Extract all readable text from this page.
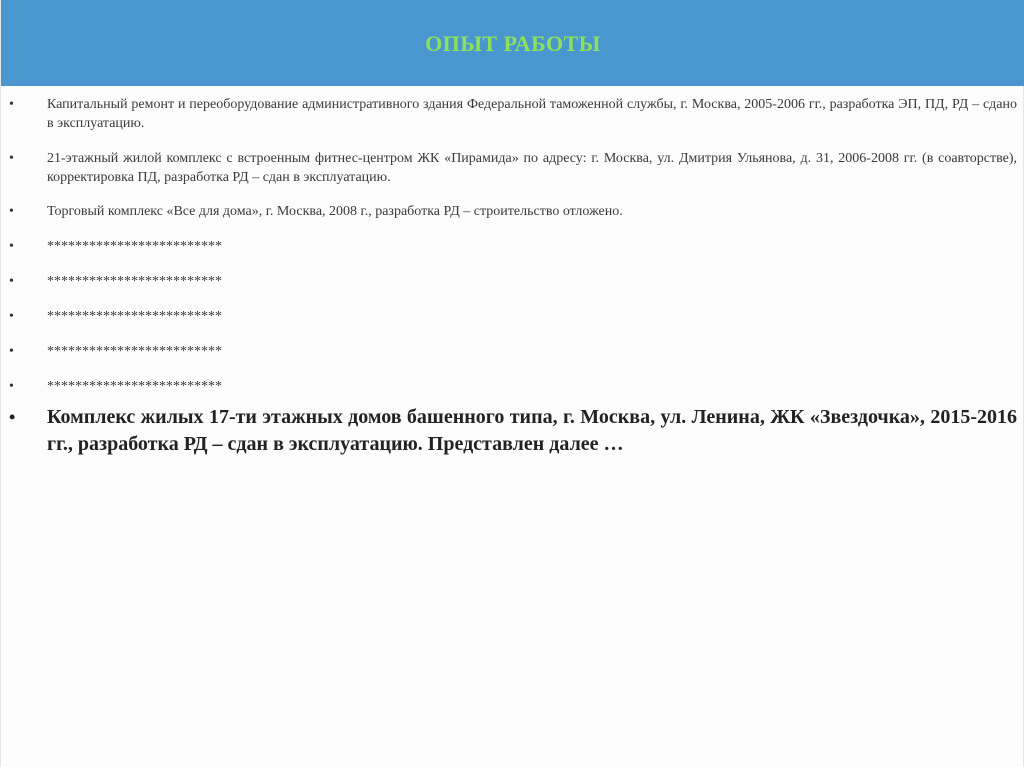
ОПЫТ РАБОТЫ
• Капитальный ремонт и переоборудование административного здания Федеральной таможенной службы, г. Москва, 2005-2006 гг., разработка ЭП, ПД, РД – сдано в эксплуатацию.
• 21-этажный жилой комплекс с встроенным фитнес-центром ЖК «Пирамида» по адресу: г. Москва, ул. Дмитрия Ульянова, д. 31, 2006-2008 гг. (в соавторстве), корректировка ПД, разработка РД – сдан в эксплуатацию.
• Торговый комплекс «Все для дома», г. Москва, 2008 г., разработка РД – строительство отложено.
• *************************
• *************************
• *************************
• *************************
• *************************
• Комплекс жилых 17-ти этажных домов башенного типа, г. Москва, ул. Ленина, ЖК «Звездочка», 2015-2016 гг., разработка РД – сдан в эксплуатацию. Представлен далее …
